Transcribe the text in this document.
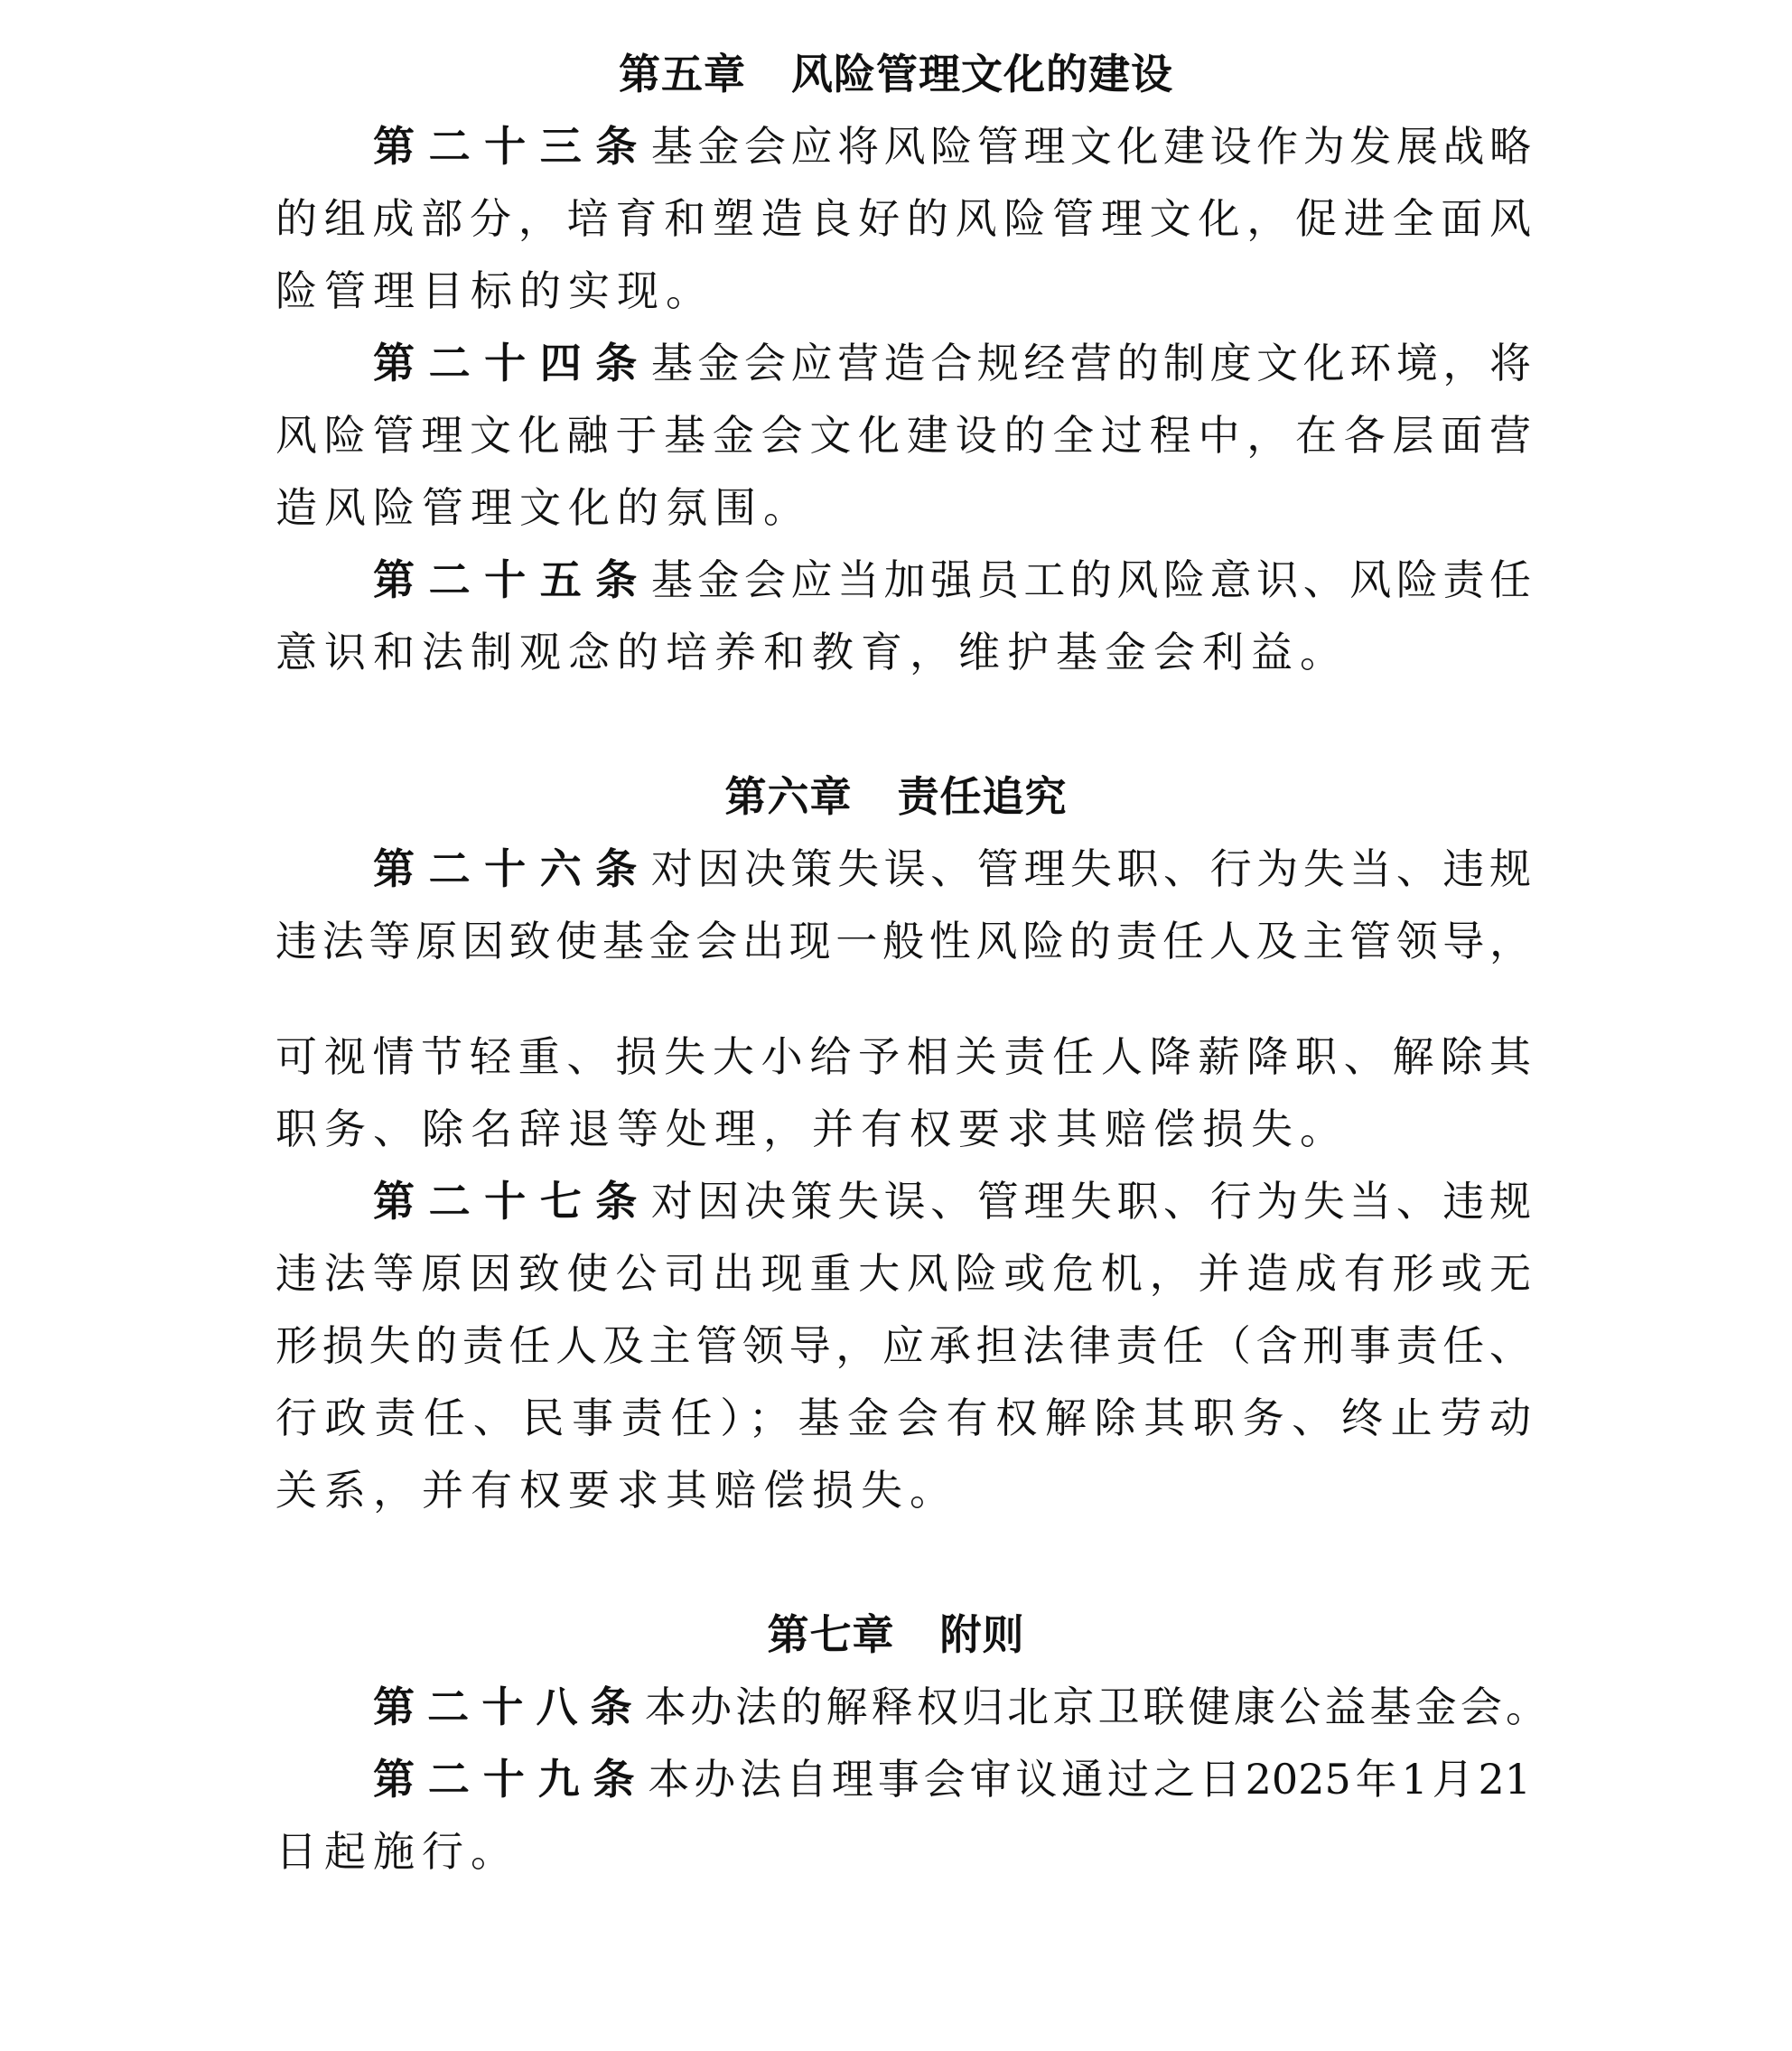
第五章 风险管理文化的建设
第二十三条基金会应将风险管理文化建设作为发展战略
的组成部分，培育和塑造良好的风险管理文化，促进全面风
险管理目标的实现。
第二十四条基金会应营造合规经营的制度文化环境，将
风险管理文化融于基金会文化建设的全过程中，在各层面营
造风险管理文化的氛围。
第二十五条基金会应当加强员工的风险意识、风险责任
意识和法制观念的培养和教育，维护基金会利益。
第六章 责任追究
第二十六条对因决策失误、管理失职、行为失当、违规
违法等原因致使基金会出现一般性风险的责任人及主管领导，
可视情节轻重、损失大小给予相关责任人降薪降职、解除其
职务、除名辞退等处理，并有权要求其赔偿损失。
第二十七条对因决策失误、管理失职、行为失当、违规
违法等原因致使公司出现重大风险或危机，并造成有形或无
形损失的责任人及主管领导，应承担法律责任（含刑事责任、
行政责任、民事责任）；基金会有权解除其职务、终止劳动
关系，并有权要求其赔偿损失。
第七章 附则
第二十八条本办法的解释权归北京卫联健康公益基金会。
第二十九条本办法自理事会审议通过之日2025年1月21
日起施行。
